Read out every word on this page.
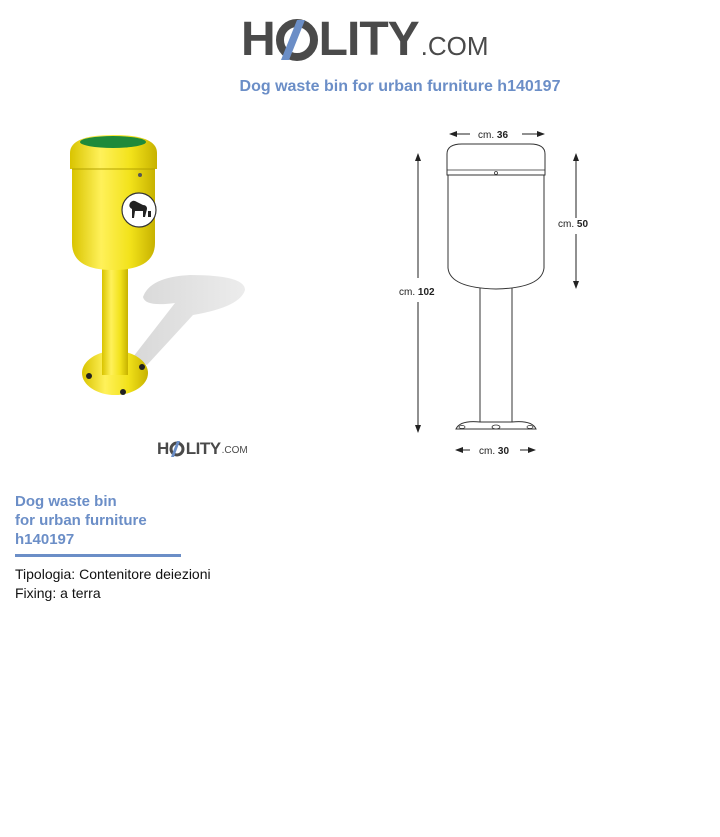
H LITY .COM
Dog waste bin for urban furniture h140197
H LITY .COM
cm. 36
cm. 50
cm. 102
cm. 30
Dog waste bin
for urban furniture
h140197
Tipologia: Contenitore deiezioni
Fixing: a terra
